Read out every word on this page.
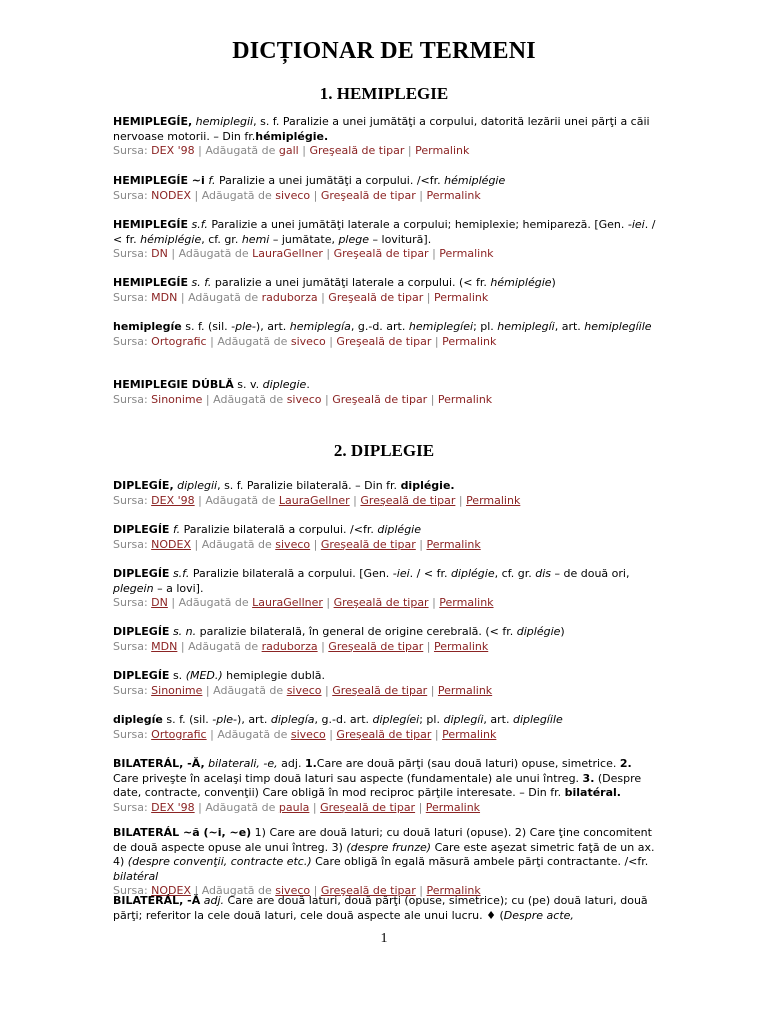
DICȚIONAR DE TERMENI
1. HEMIPLEGIE

HEMIPLEGÍE, hemiplegii, s. f. Paralizie a unei jumătăţi a corpului, datorită lezării unei părţi a căii nervoase motorii. – Din fr.hémiplégie.

Sursa: DEX '98 | Adăugată de gall | Greşeală de tipar | Permalink

HEMIPLEGÍE ~i f. Paralizie a unei jumătăţi a corpului. /<fr. hémiplégie

Sursa: NODEX | Adăugată de siveco | Greşeală de tipar | Permalink

HEMIPLEGÍE s.f. Paralizie a unei jumătăţi laterale a corpului; hemiplexie; hemipareză. [Gen. -iei. / < fr. hémiplégie, cf. gr. hemi – jumătate, plege – lovitură].

Sursa: DN | Adăugată de LauraGellner | Greşeală de tipar | Permalink

HEMIPLEGÍE s. f. paralizie a unei jumătăţi laterale a corpului. (< fr. hémiplégie)

Sursa: MDN | Adăugată de raduborza | Greşeală de tipar | Permalink

hemiplegíe s. f. (sil. -ple-), art. hemiplegía, g.-d. art. hemiplegíei; pl. hemiplegíi, art. hemiplegíile

Sursa: Ortografic | Adăugată de siveco | Greşeală de tipar | Permalink

HEMIPLEGIE DÚBLĂ s. v. diplegie.

Sursa: Sinonime | Adăugată de siveco | Greşeală de tipar | Permalink

2. DIPLEGIE

DIPLEGÍE, diplegii, s. f. Paralizie bilaterală. – Din fr. diplégie.

Sursa: DEX '98 | Adăugată de LauraGellner | Greşeală de tipar | Permalink

DIPLEGÍE f. Paralizie bilaterală a corpului. /<fr. diplégie

Sursa: NODEX | Adăugată de siveco | Greşeală de tipar | Permalink

DIPLEGÍE s.f. Paralizie bilaterală a corpului. [Gen. -iei. / < fr. diplégie, cf. gr. dis – de două ori, plegein – a lovi].

Sursa: DN | Adăugată de LauraGellner | Greşeală de tipar | Permalink

DIPLEGÍE s. n. paralizie bilaterală, în general de origine cerebrală. (< fr. diplégie)

Sursa: MDN | Adăugată de raduborza | Greşeală de tipar | Permalink

DIPLEGÍE s. (MED.) hemiplegie dublă.

Sursa: Sinonime | Adăugată de siveco | Greşeală de tipar | Permalink

diplegíe s. f. (sil. -ple-), art. diplegía, g.-d. art. diplegíei; pl. diplegíi, art. diplegíile

Sursa: Ortografic | Adăugată de siveco | Greşeală de tipar | Permalink

BILATERÁL, -Ă, bilaterali, -e, adj. 1.Care are două părţi (sau două laturi) opuse, simetrice. 2. Care priveşte în acelaşi timp două laturi sau aspecte (fundamentale) ale unui întreg. 3. (Despre date, contracte, convenţii) Care obligă în mod reciproc părţile interesate. – Din fr. bilatéral.

Sursa: DEX '98 | Adăugată de paula | Greşeală de tipar | Permalink

BILATERÁL ~ă (~i, ~e) 1) Care are două laturi; cu două laturi (opuse). 2) Care ţine concomitent de două aspecte opuse ale unui întreg. 3) (despre frunze) Care este aşezat simetric faţă de un ax. 4) (despre convenţii, contracte etc.) Care obligă în egală măsură ambele părţi contractante. /<fr. bilatéral

Sursa: NODEX | Adăugată de siveco | Greşeală de tipar | Permalink

BILATERÁL, -Ă adj. Care are două laturi, două părţi (opuse, simetrice); cu (pe) două laturi, două părţi; referitor la cele două laturi, cele două aspecte ale unui lucru. ♦ (Despre acte,

1
